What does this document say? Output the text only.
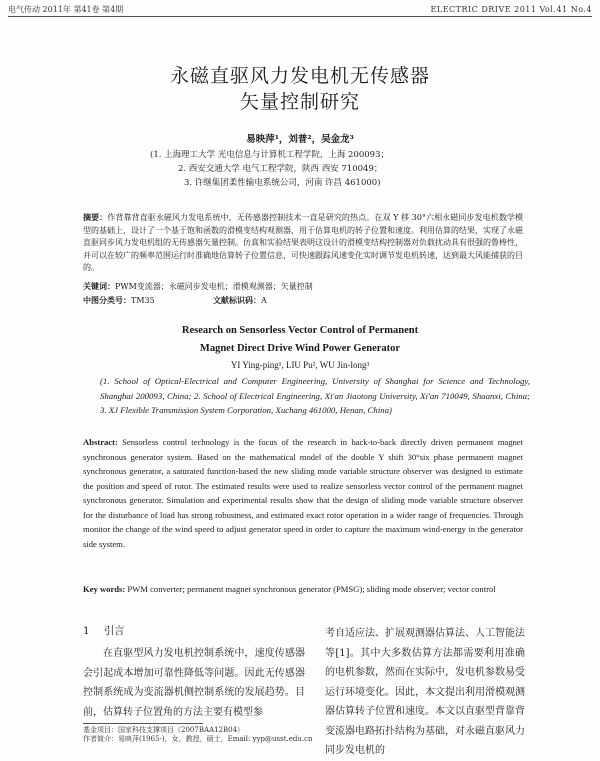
电气传动 2011年 第41卷 第4期	ELECTRIC DRIVE 2011 Vol.41 No.4
永磁直驱风力发电机无传感器
矢量控制研究
易映萍¹，刘普²，吴金龙³
(1. 上海理工大学 光电信息与计算机工程学院，上海 200093；
2. 西安交通大学 电气工程学院，陕西 西安 710049；
3. 许继集团柔性输电系统公司，河南 许昌 461000)
摘要：作背靠背直驱永磁风力发电系统中，无传感器控制技术一直是研究的热点。在双 Y 移 30°六相永磁同步发电机数学模型的基础上，设计了一个基于饱和函数的滑模变结构观测器，用于估算电机的转子位置和速度。利用估算的结果，实现了永磁直驱同步风力发电机组的无传感器矢量控制。仿真和实验结果表明这设计的滑模变结构控制器对负载扰动具有很强的鲁棒性，并可以在较广的频率范围运行时准确地估算转子位置信息，可快速跟踪风速变化实时调节发电机转速，达到最大风能捕获的目的。
关键词：PWM变流器；永磁同步发电机；滑模观测器；矢量控制
中图分类号：TM35	文献标识码：A
Research on Sensorless Vector Control of Permanent
Magnet Direct Drive Wind Power Generator
YI Ying-ping¹, LIU Pu², WU Jin-long³
(1. School of Optical-Electrical and Computer Engineering, University of Shanghai for Science and Technology, Shanghai 200093, China; 2. School of Electrical Engineering, Xi'an Jiaotong University, Xi'an 710049, Shaanxi, China; 3. XJ Flexible Transmission System Corporation, Xuchang 461000, Henan, China)
Abstract: Sensorless control technology is the focus of the research in back-to-back directly driven permanent magnet synchronous generator system. Based on the mathematical model of the double Y shift 30°six phase permanent magnet synchronous generator, a saturated function-based the new sliding mode variable structure observer was designed to estimate the position and speed of rotor. The estimated results were used to realize sensorless vector control of the permanent magnet synchronous generator. Simulation and experimental results show that the design of sliding mode variable structure observer for the disturbance of load has strong robustness, and estimated exact rotor operation in a wider range of frequencies. Through monitor the change of the wind speed to adjust generator speed in order to capture the maximum wind-energy in the generator side system.
Key words: PWM converter; permanent magnet synchronous generator (PMSG); sliding mode observer; vector control
1 引言
在直驱型风力发电机控制系统中，速度传感器会引起成本增加可靠性降低等问题。因此无传感器控制系统成为变流器机侧控制系统的发展趋势。目前，估算转子位置角的方法主要有模型参
考自适应法、扩展观测器估算法、人工智能法等[1]。其中大多数估算方法都需要利用准确的电机参数，然而在实际中，发电机参数易受运行环境变化。因此，本文提出利用滑模观测器估算转子位置和速度。本文以直驱型背靠背变流器电路拓扑结构为基础，对永磁直驱风力同步发电机的
基金项目：国家科技支撑项目（2007BAA12B04）
作者简介：易映萍(1965-)，女，教授，硕士，Email: yyp@usst.edu.cn
